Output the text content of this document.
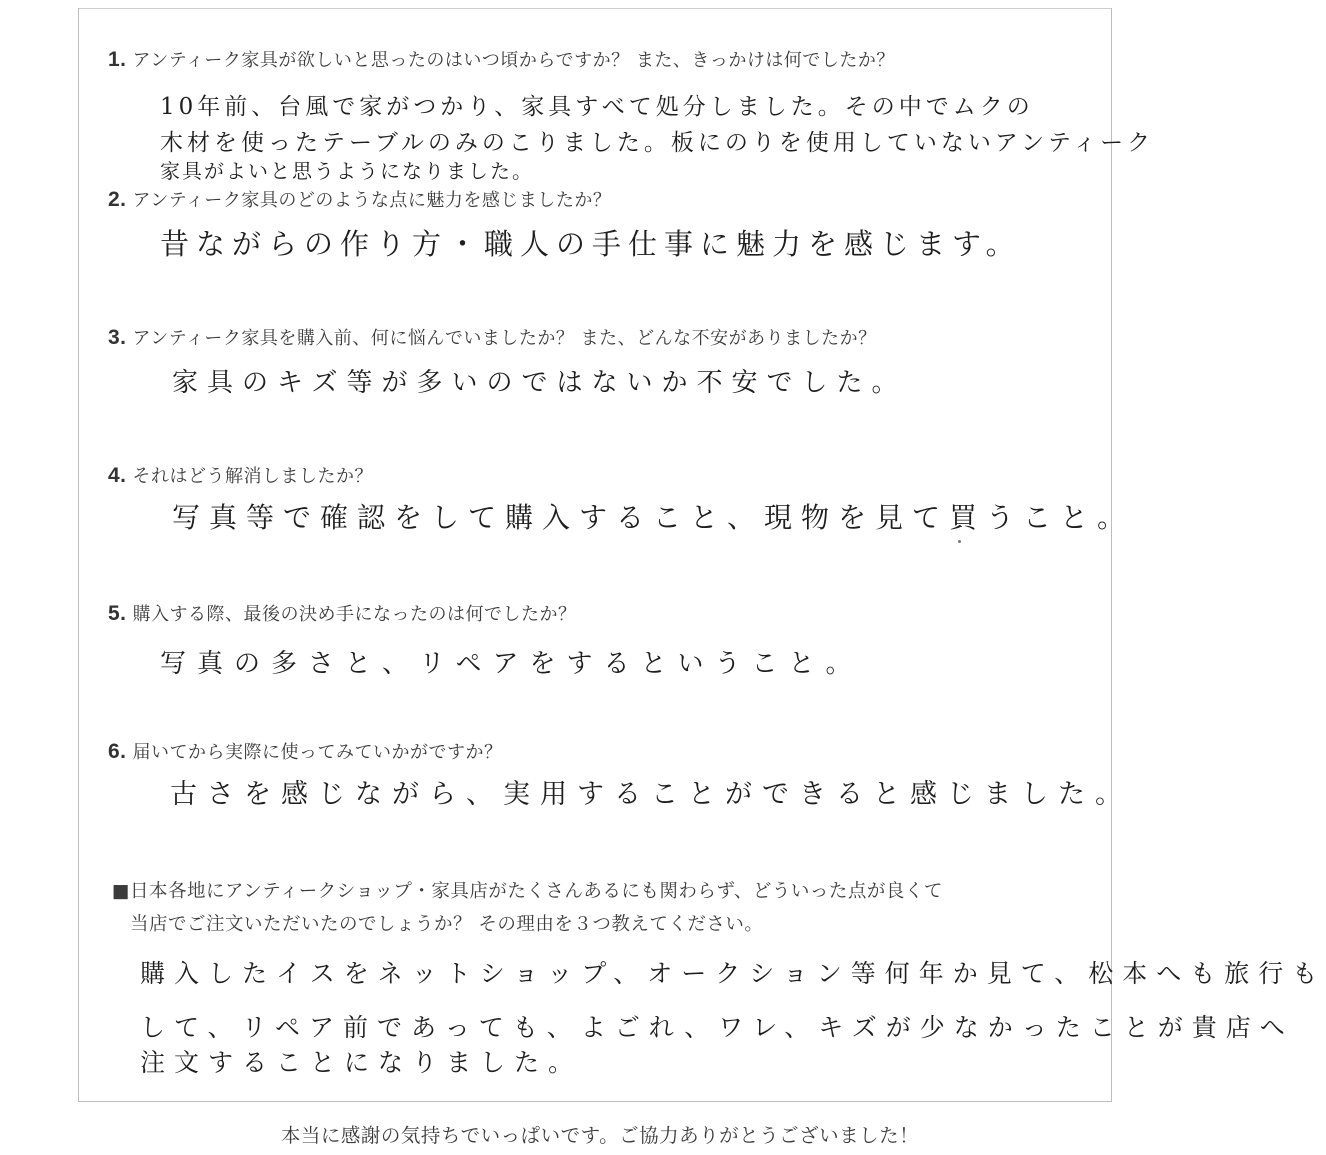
1. アンティーク家具が欲しいと思ったのはいつ頃からですか？ また、きっかけは何でしたか？
10年前、台風で家がつかり、家具すべて処分しました。その中でムクの
木材を使ったテーブルのみのこりました。板にのりを使用していないアンティーク
家具がよいと思うようになりました。
2. アンティーク家具のどのような点に魅力を感じましたか？
昔ながらの作り方・職人の手仕事に魅力を感じます。
3. アンティーク家具を購入前、何に悩んでいましたか？ また、どんな不安がありましたか？
家具のキズ等が多いのではないか不安でした。
4. それはどう解消しましたか？
写真等で確認をして購入すること、現物を見て買うこと。
5. 購入する際、最後の決め手になったのは何でしたか？
写真の多さと、リペアをするということ。
6. 届いてから実際に使ってみていかがですか？
古さを感じながら、実用することができると感じました。
■日本各地にアンティークショップ・家具店がたくさんあるにも関わらず、どういった点が良くて
当店でご注文いただいたのでしょうか？ その理由を３つ教えてください。
購入したイスをネットショップ、オークション等何年か見て、松本へも旅行も
して、リペア前であっても、よごれ、ワレ、キズが少なかったことが貴店へ
注文することになりました。
本当に感謝の気持ちでいっぱいです。ご協力ありがとうございました！
